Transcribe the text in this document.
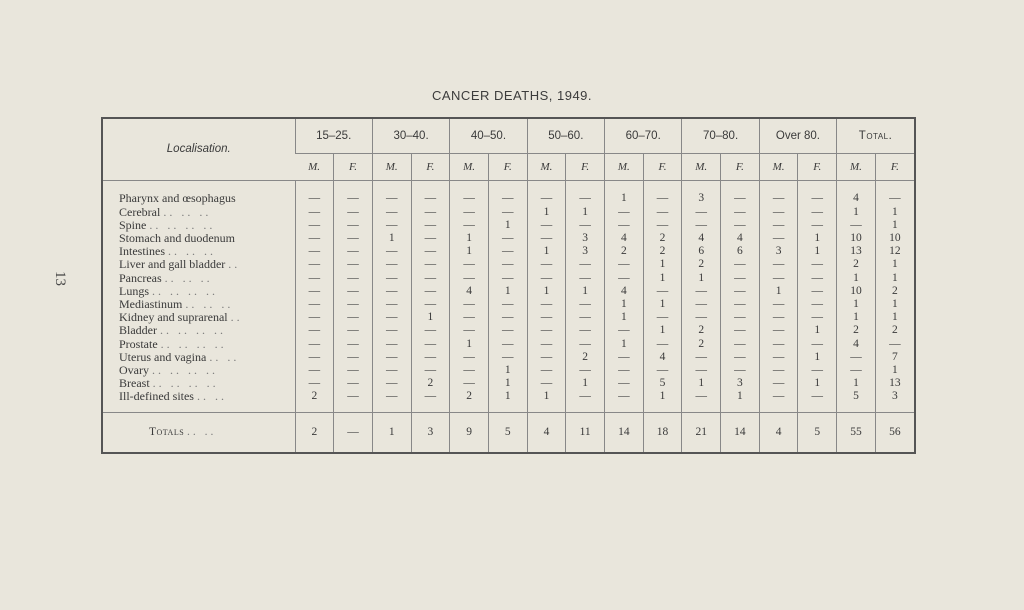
13
CANCER DEATHS, 1949.
Localisation.	15–25.		30–40.		40–50.		50–60.		60–70.		70–80.		Over 80.		Total.	
	M.	F.	M.	F.	M.	F.	M.	F.	M.	F.	M.	F.	M.	F.	M.	F.

Pharynx and œsophagus	—	—	—	—	—	—	—	—	1	—	3	—	—	—	4	—
Cerebral .. .. ..	—	—	—	—	—	—	1	1	—	—	—	—	—	—	1	1
Spine .. .. .. ..	—	—	—	—	—	1	—	—	—	—	—	—	—	—	—	1
Stomach and duodenum	—	—	1	—	1	—	—	3	4	2	4	4	—	1	10	10
Intestines .. .. ..	—	—	—	—	1	—	1	3	2	2	6	6	3	1	13	12
Liver and gall bladder ..	—	—	—	—	—	—	—	—	—	1	2	—	—	—	2	1
Pancreas .. .. ..	—	—	—	—	—	—	—	—	—	1	1	—	—	—	1	1
Lungs .. .. .. ..	—	—	—	—	4	1	1	1	4	—	—	—	1	—	10	2
Mediastinum .. .. ..	—	—	—	—	—	—	—	—	1	1	—	—	—	—	1	1
Kidney and suprarenal ..	—	—	—	1	—	—	—	—	1	—	—	—	—	—	1	1
Bladder .. .. .. ..	—	—	—	—	—	—	—	—	—	1	2	—	—	1	2	2
Prostate .. .. .. ..	—	—	—	—	1	—	—	—	1	—	2	—	—	—	4	—
Uterus and vagina .. ..	—	—	—	—	—	—	—	2	—	4	—	—	—	1	—	7
Ovary .. .. .. ..	—	—	—	—	—	1	—	—	—	—	—	—	—	—	—	1
Breast .. .. .. ..	—	—	—	2	—	1	—	1	—	5	1	3	—	1	1	13
Ill-defined sites .. ..	2	—	—	—	2	1	1	—	—	1	—	1	—	—	5	3

Totals .. ..	2	—	1	3	9	5	4	11	14	18	21	14	4	5	55	56
